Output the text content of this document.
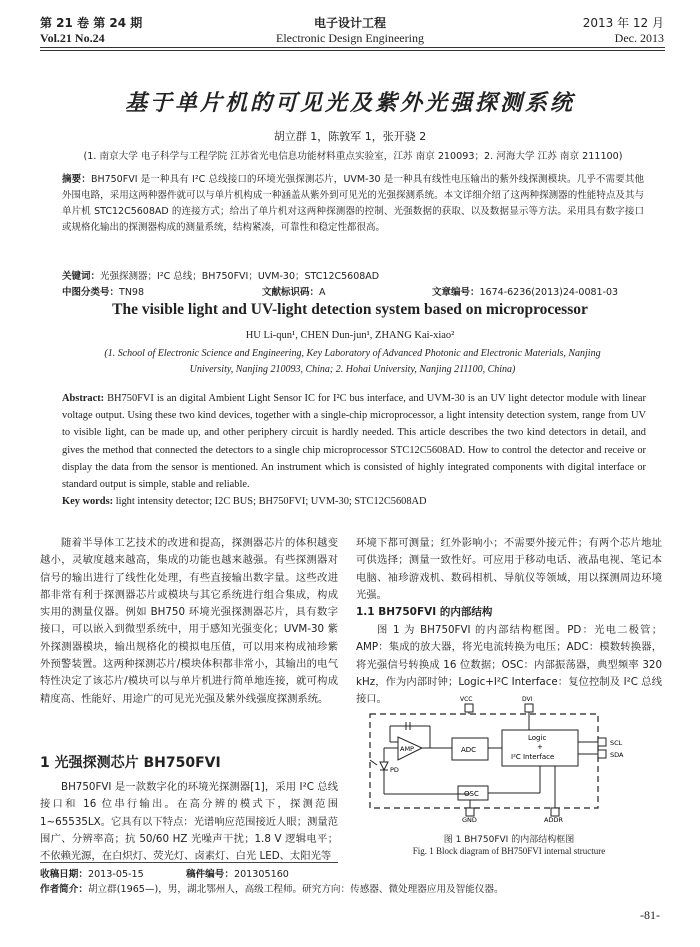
第 21 卷 第 24 期
Vol.21 No.24
电子设计工程
Electronic Design Engineering
2013 年 12 月
Dec. 2013
基于单片机的可见光及紫外光强探测系统
胡立群 1，陈敦军 1，张开骁 2
(1. 南京大学 电子科学与工程学院 江苏省光电信息功能材料重点实验室，江苏 南京 210093；2. 河海大学 江苏 南京 211100)
摘要：BH750FVI 是一种具有 I²C 总线接口的环境光强探测芯片，UVM-30 是一种具有线性电压输出的紫外线探测模块。几乎不需要其他外围电路，采用这两种器件就可以与单片机构成一种涵盖从紫外到可见光的光强探测系统。本文详细介绍了这两种探测器的性能特点及其与单片机 STC12C5608AD 的连接方式；给出了单片机对这两种探测器的控制、光强数据的获取、以及数据显示等方法。采用具有数字接口或规格化输出的探测器构成的测量系统，结构紧凑，可靠性和稳定性都很高。
关键词：光强探测器；I²C 总线；BH750FVI；UVM-30；STC12C5608AD
中图分类号：TN98	文献标识码：A	文章编号：1674-6236(2013)24-0081-03
The visible light and UV-light detection system based on microprocessor
HU Li-qun¹, CHEN Dun-jun¹, ZHANG Kai-xiao²
(1. School of Electronic Science and Engineering, Key Laboratory of Advanced Photonic and Electronic Materials, Nanjing
University, Nanjing 210093, China; 2. Hohai University, Nanjing 211100, China)
Abstract: BH750FVI is an digital Ambient Light Sensor IC for I²C bus interface, and UVM-30 is an UV light detector module with linear voltage output. Using these two kind devices, together with a single-chip microprocessor, a light intensity detection system, range from UV to visible light, can be made up, and other periphery circuit is hardly needed. This article describes the two kind detectors in detail, and gives the method that connected the detectors to a single chip microprocessor STC12C5608AD. How to control the detector and receive or display the data from the sensor is mentioned. An instrument which is consisted of highly integrated components with digital interface or standard output is simple, stable and reliable.
Key words: light intensity detector; I2C BUS; BH750FVI; UVM-30; STC12C5608AD
随着半导体工艺技术的改进和提高，探测器芯片的体积越变越小，灵敏度越来越高，集成的功能也越来越强。有些探测器对信号的输出进行了线性化处理，有些直接输出数字量。这些改进都非常有利于探测器芯片或模块与其它系统进行组合集成，构成实用的测量仪器。例如 BH750 环境光强探测器芯片，具有数字接口，可以嵌入到微型系统中，用于感知光强变化；UVM-30 紫外探测器模块，输出规格化的模拟电压值，可以用来构成袖珍紫外预警装置。这两种探测芯片/模块体积都非常小，其输出的电气特性决定了该芯片/模块可以与单片机进行简单地连接，就可构成精度高、性能好、用途广的可见光光强及紫外线强度探测系统。
1 光强探测芯片 BH750FVI
BH750FVI 是一款数字化的环境光探测器[1]，采用 I²C 总线接口和 16 位串行输出。在高分辨的模式下，探测范围 1~65535LX。它具有以下特点：光谱响应范围接近人眼；测量范围广、分辨率高；抗 50/60 HZ 光噪声干扰；1.8 V 逻辑电平；不依赖光源，在白炽灯、荧光灯、卤素灯、白光 LED、太阳光等
收稿日期：2013-05-15	稿件编号：201305160
作者简介：胡立群(1965—)，男，湖北鄂州人，高级工程师。研究方向：传感器、微处理器应用及智能仪器。
环境下都可测量；红外影响小；不需要外接元件；有两个芯片地址可供选择；测量一致性好。可应用于移动电话、液晶电视、笔记本电脑、袖珍游戏机、数码相机、导航仪等领域，用以探测周边环境光强。
1.1 BH750FVI 的内部结构
图 1 为 BH750FVI 的内部结构框图。PD：光电二极管；AMP：集成的放大器，将光电流转换为电压；ADC：模数转换器，将光强信号转换成 16 位数据；OSC：内部振荡器，典型频率 320 kHz，作为内部时钟；Logic+I²C Interface：复位控制及 I²C 总线接口。	VCC	DVI
AMP	ADC
Logic
+
I²C Interface
SCL
SDA
PD
OSC
GND	ADDR
图 1 BH750FVI 的内部结构框图
Fig. 1 Block diagram of BH750FVI internal structure
-81-
